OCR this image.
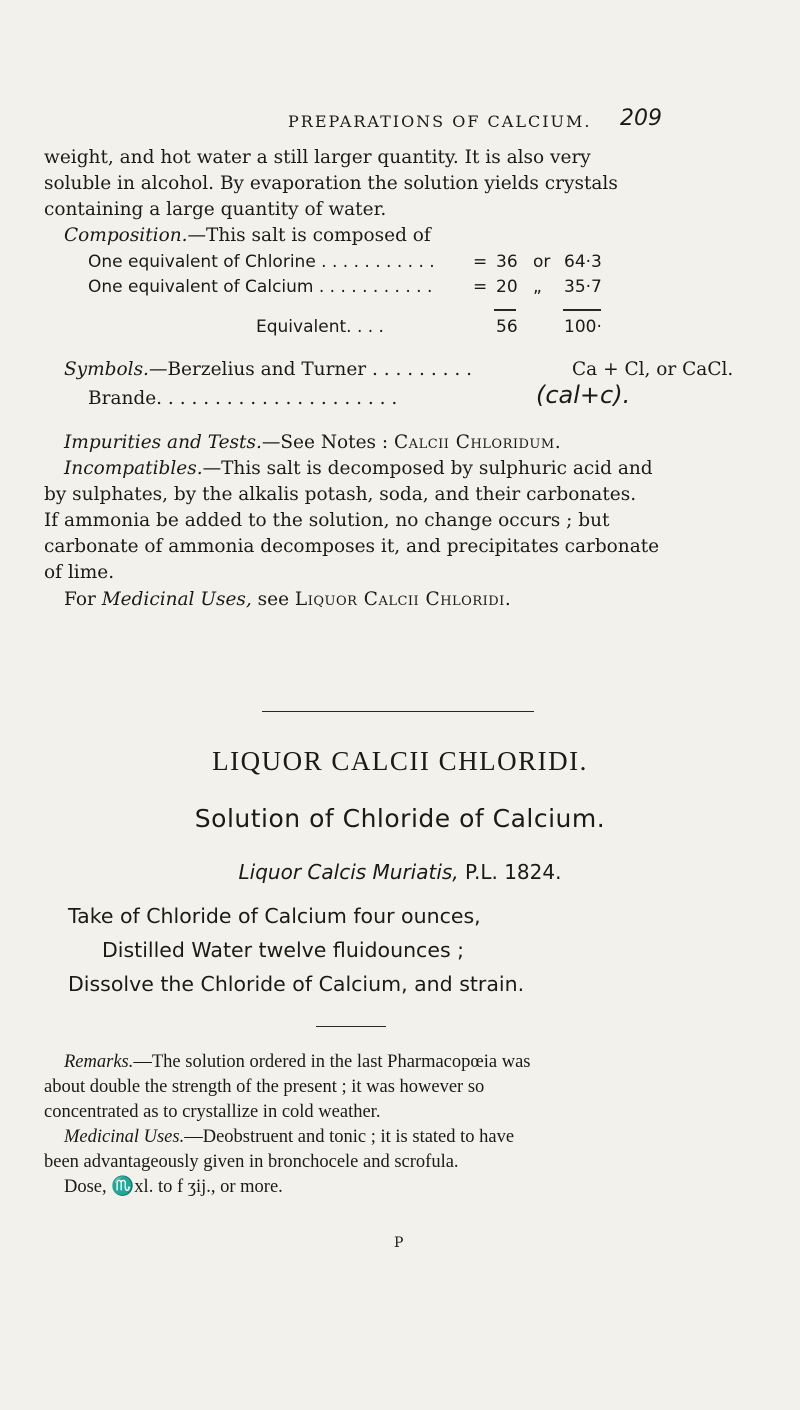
PREPARATIONS OF CALCIUM. 209
weight, and hot water a still larger quantity. It is also very
soluble in alcohol. By evaporation the solution yields crystals
containing a large quantity of water.
Composition.—This salt is composed of
One equivalent of Chlorine . . . . . . . . . . . = 36 or 64·3
One equivalent of Calcium . . . . . . . . . . . = 20 „ 35·7
Equivalent. . . .	56	100·
Symbols.—Berzelius and Turner . . . . . . . . .	Ca + Cl, or CaCl.
Brande. . . . . . . . . . . . . . . . . . . . .	(cal+c).
Impurities and Tests.—See Notes : Calcii Chloridum.
Incompatibles.—This salt is decomposed by sulphuric acid and
by sulphates, by the alkalis potash, soda, and their carbonates.
If ammonia be added to the solution, no change occurs ; but
carbonate of ammonia decomposes it, and precipitates carbonate
of lime.
For Medicinal Uses, see Liquor Calcii Chloridi.
LIQUOR CALCII CHLORIDI.
Solution of Chloride of Calcium.
Liquor Calcis Muriatis, P.L. 1824.
Take of Chloride of Calcium four ounces,
Distilled Water twelve fluidounces ;
Dissolve the Chloride of Calcium, and strain.
Remarks.—The solution ordered in the last Pharmacopœia was
about double the strength of the present ; it was however so
concentrated as to crystallize in cold weather.
Medicinal Uses.—Deobstruent and tonic ; it is stated to have
been advantageously given in bronchocele and scrofula.
Dose, ♏xl. to f ʒij., or more.
P
